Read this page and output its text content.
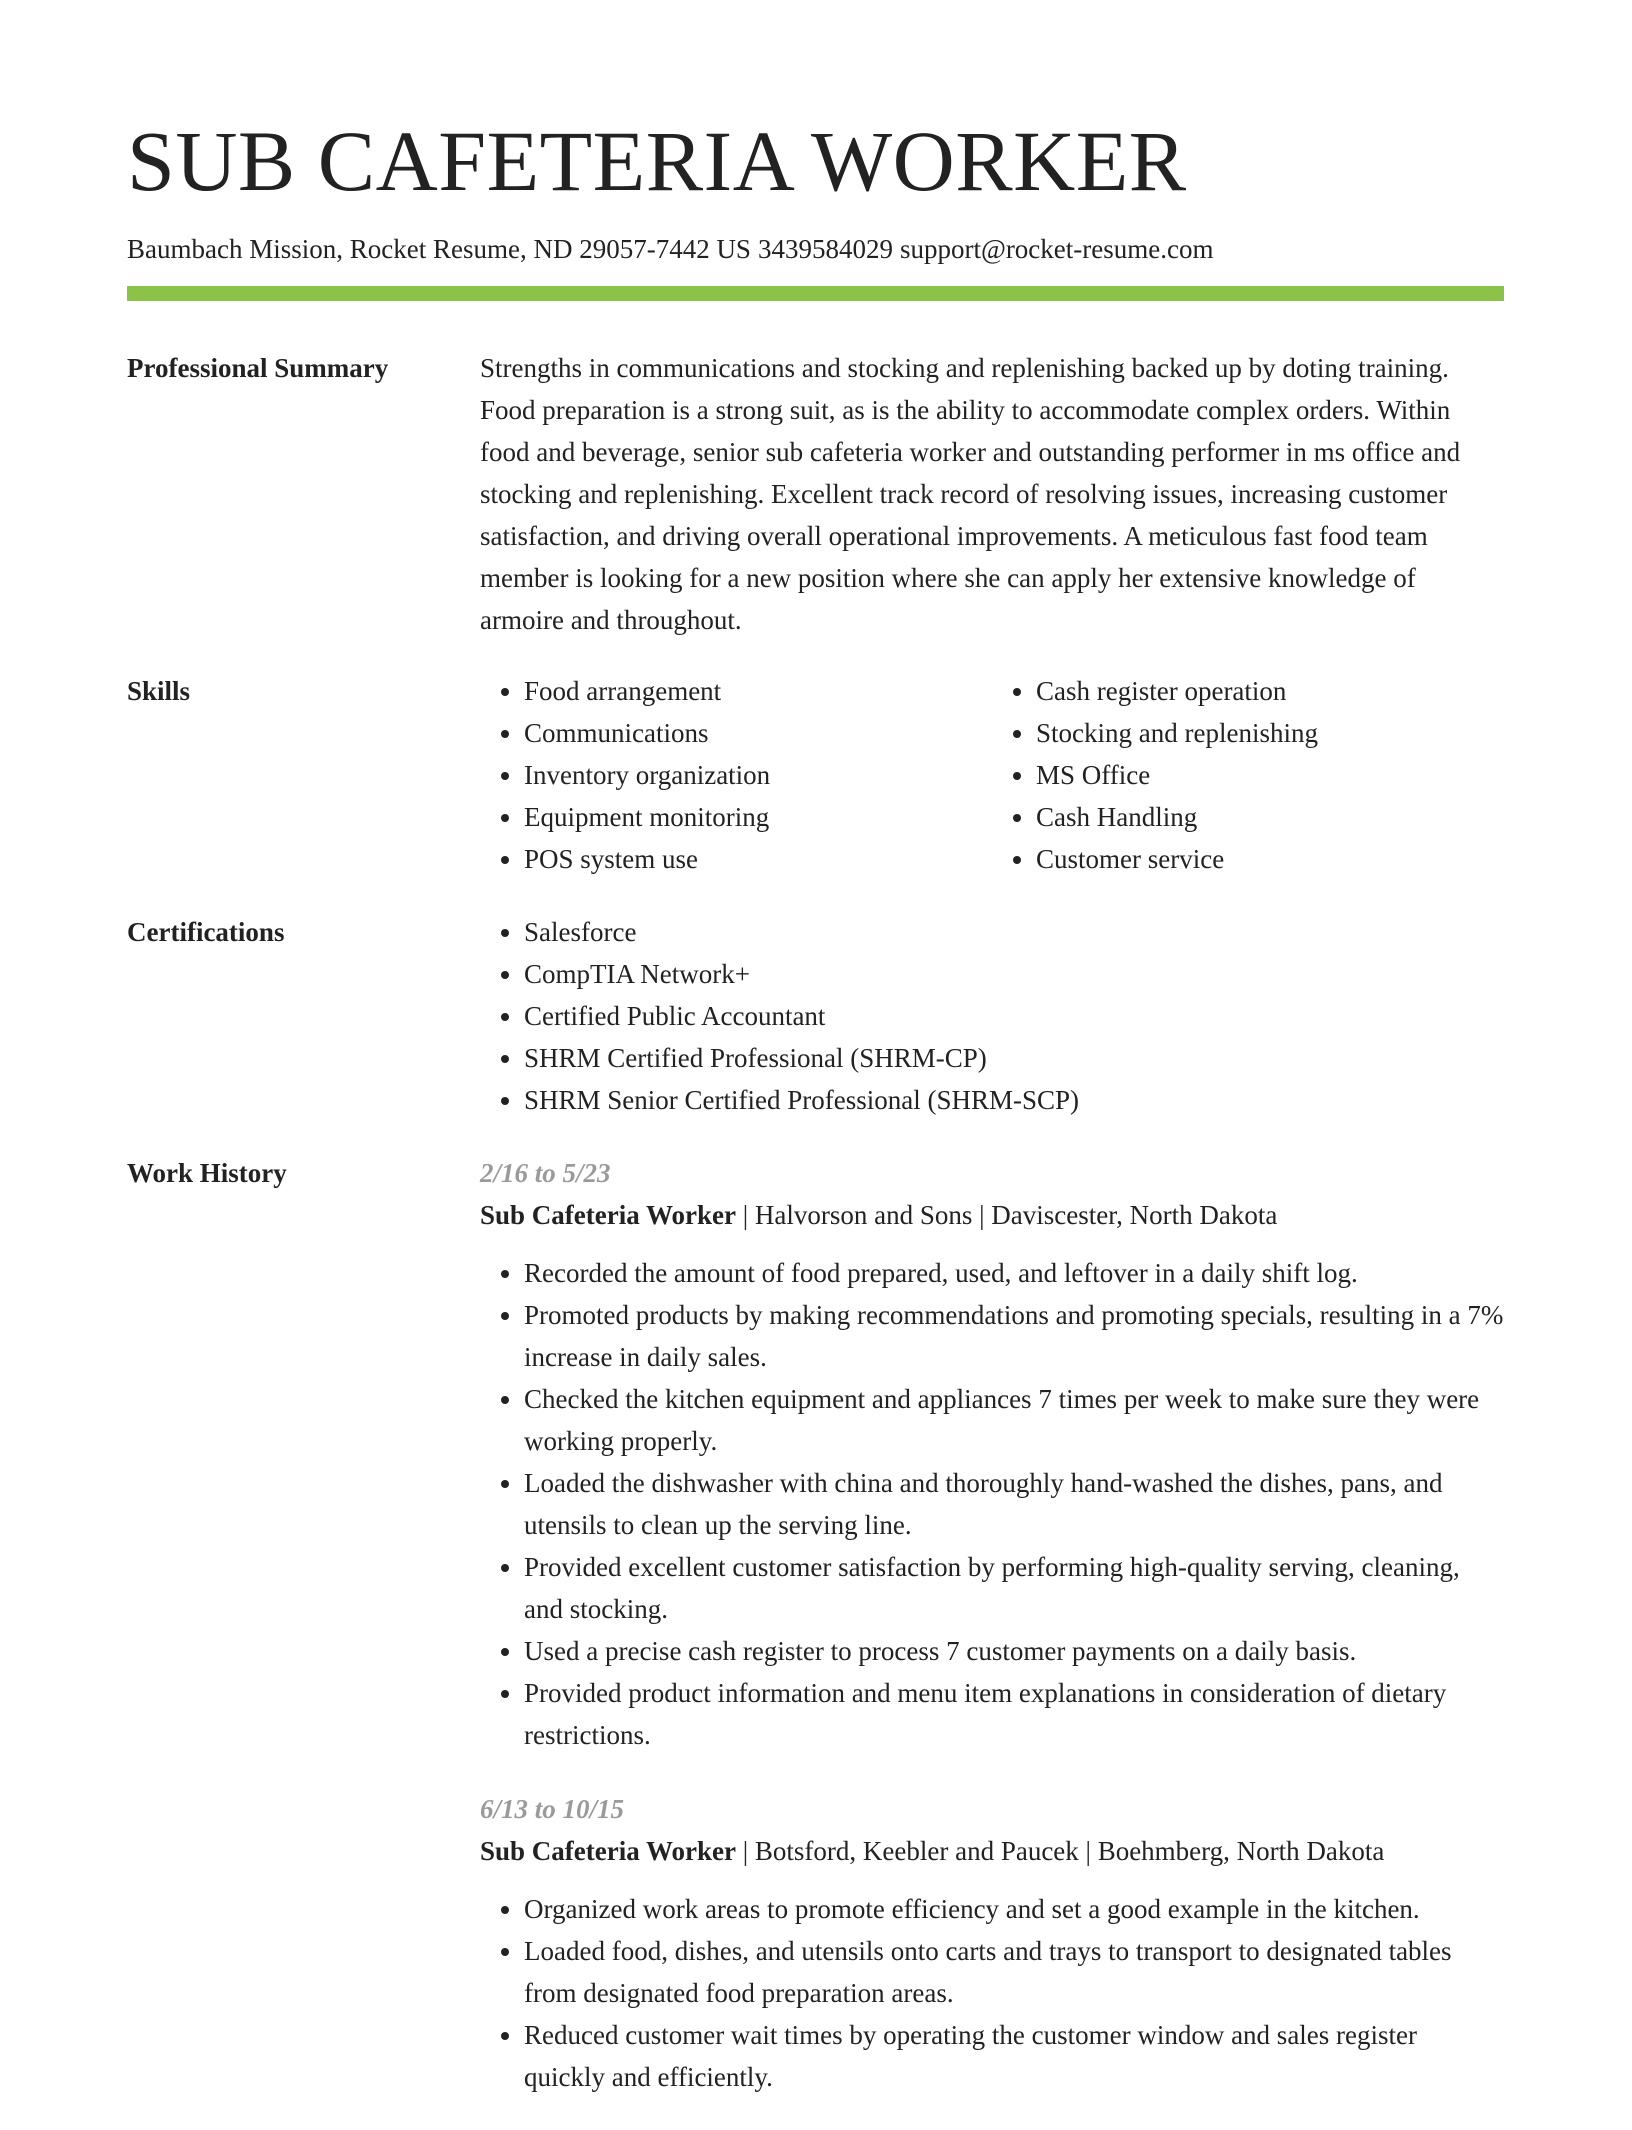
SUB CAFETERIA WORKER
Baumbach Mission, Rocket Resume, ND 29057-7442 US 3439584029 support@rocket-resume.com
Professional Summary	Strengths in communications and stocking and replenishing backed up by doting training. Food preparation is a strong suit, as is the ability to accommodate complex orders. Within food and beverage, senior sub cafeteria worker and outstanding performer in ms office and stocking and replenishing. Excellent track record of resolving issues, increasing customer satisfaction, and driving overall operational improvements. A meticulous fast food team member is looking for a new position where she can apply her extensive knowledge of armoire and throughout.

Skills	• Food arrangement
• Communications
• Inventory organization
• Equipment monitoring
• POS system use
• Cash register operation
• Stocking and replenishing
• MS Office
• Cash Handling
• Customer service
Certifications	• Salesforce
• CompTIA Network+
• Certified Public Accountant
• SHRM Certified Professional (SHRM-CP)
• SHRM Senior Certified Professional (SHRM-SCP)
Work History	2/16 to 5/23
Sub Cafeteria Worker | Halvorson and Sons | Daviscester, North Dakota
• Recorded the amount of food prepared, used, and leftover in a daily shift log.
• Promoted products by making recommendations and promoting specials, resulting in a 7% increase in daily sales.
• Checked the kitchen equipment and appliances 7 times per week to make sure they were working properly.
• Loaded the dishwasher with china and thoroughly hand-washed the dishes, pans, and utensils to clean up the serving line.
• Provided excellent customer satisfaction by performing high-quality serving, cleaning, and stocking.
• Used a precise cash register to process 7 customer payments on a daily basis.
• Provided product information and menu item explanations in consideration of dietary restrictions.
6/13 to 10/15
Sub Cafeteria Worker | Botsford, Keebler and Paucek | Boehmberg, North Dakota
• Organized work areas to promote efficiency and set a good example in the kitchen.
• Loaded food, dishes, and utensils onto carts and trays to transport to designated tables from designated food preparation areas.
• Reduced customer wait times by operating the customer window and sales register quickly and efficiently.
